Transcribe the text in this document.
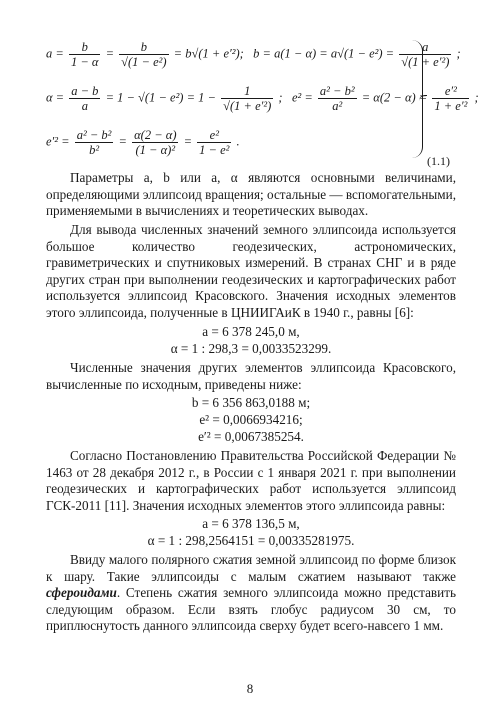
$a = \frac{b}{1 - \alpha} = \frac{b}{\text{√(1 − e²)}} = b√(1 + e'^2)$; $b = a(1 - \alpha) = a√(1 - e^2) = \frac{a}{\text{√(1 + e′²)}}$ ;
$\alpha = \frac{a - b}{a} = 1 - √(1 - e^2) = 1 - \frac{1}{\text{√(1 + e′²)}}$ ; $e^2 = \frac{\text{a² − b²}}{\text{a²}} = \alpha(2 - \alpha) = \frac{\text{e′²}}{\text{1 + e′²}}$ ;
$e'^2 = \frac{\text{a² − b²}}{\text{b²}} = \frac{\alpha(2 - \alpha)}{\text{(1 − α)²}} = \frac{\text{e²}}{\text{1 − e²}}$ .
(1.1)

Параметры a, b или a, α являются основными величинами, определяющими эллипсоид вращения; остальные — вспомогательными, применяемыми в вычислениях и теоретических выводах.

Для вывода численных значений земного эллипсоида используется большое количество геодезических, астрономических, гравиметрических и спутниковых измерений. В странах СНГ и в ряде других стран при выполнении геодезических и картографических работ используется эллипсоид Красовского. Значения исходных элементов этого эллипсоида, полученные в ЦНИИГАиК в 1940 г., равны [6]:

a = 6 378 245,0 м,
α = 1 : 298,3 = 0,0033523299.

Численные значения других элементов эллипсоида Красовского, вычисленные по исходным, приведены ниже:

b = 6 356 863,0188 м;
e² = 0,0066934216;
e′² = 0,0067385254.

Согласно Постановлению Правительства Российской Федерации № 1463 от 28 декабря 2012 г., в России с 1 января 2021 г. при выполнении геодезических и картографических работ используется эллипсоид ГСК-2011 [11]. Значения исходных элементов этого эллипсоида равны:

a = 6 378 136,5 м,
α = 1 : 298,2564151 = 0,00335281975.

Ввиду малого полярного сжатия земной эллипсоид по форме близок к шару. Такие эллипсоиды с малым сжатием называют также сфероидами. Степень сжатия земного эллипсоида можно представить следующим образом. Если взять глобус радиусом 30 см, то приплюснутость данного эллипсоида сверху будет всего-навсего 1 мм.

8
